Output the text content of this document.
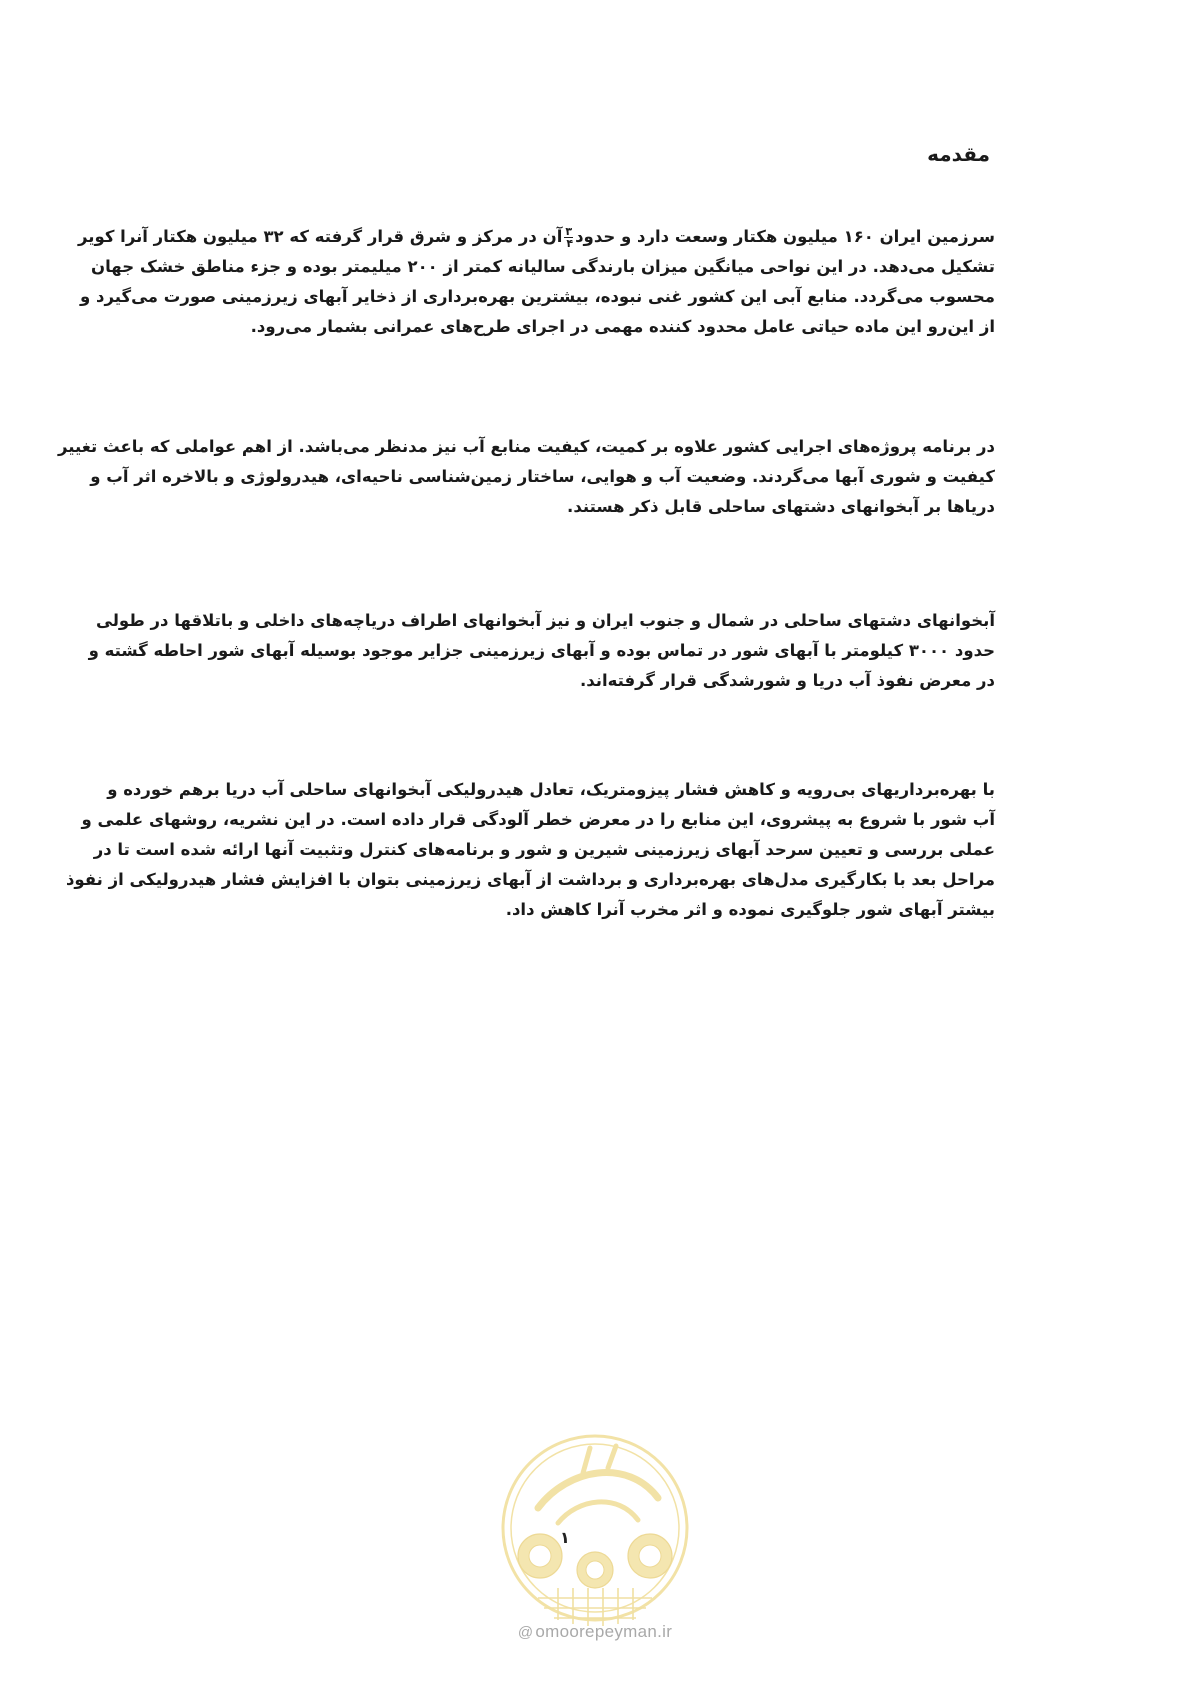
مقدمه
سرزمین ایران ۱۶۰ میلیون هکتار وسعت دارد و حدود
$\frac{۳}{۴}$
آن در مرکز و شرق قرار گرفته که ۳۲ میلیون هکتار آنرا کویر
تشکیل می‌دهد. در این نواحی میانگین میزان بارندگی سالیانه کمتر از ۲۰۰ میلیمتر بوده و جزء مناطق خشک جهان
محسوب می‌گردد. منابع آبی این کشور غنی نبوده، بیشترین بهره‌برداری از ذخایر آبهای زیرزمینی صورت می‌گیرد و
از این‌رو این ماده حیاتی عامل محدود کننده مهمی در اجرای طرح‌های عمرانی بشمار می‌رود.
در برنامه پروژه‌های اجرایی کشور علاوه بر کمیت، کیفیت منابع آب نیز مدنظر می‌باشد. از اهم عواملی که باعث تغییر
کیفیت و شوری آبها می‌گردند. وضعیت آب و هوایی، ساختار زمین‌شناسی ناحیه‌ای، هیدرولوژی و بالاخره اثر آب و
دریاها بر آبخوانهای دشتهای ساحلی قابل ذکر هستند.
آبخوانهای دشتهای ساحلی در شمال و جنوب ایران و نیز آبخوانهای اطراف دریاچه‌های داخلی و باتلاقها در طولی
حدود ۳۰۰۰ کیلومتر با آبهای شور در تماس بوده و آبهای زیرزمینی جزایر موجود بوسیله آبهای شور احاطه گشته و
در معرض نفوذ آب دریا و شورشدگی قرار گرفته‌اند.
با بهره‌برداریهای بی‌رویه و کاهش فشار پیزومتریک، تعادل هیدرولیکی آبخوانهای ساحلی آب دریا برهم خورده و
آب شور با شروع به پیشروی، این منابع را در معرض خطر آلودگی قرار داده است. در این نشریه، روشهای علمی و
عملی بررسی و تعیین سرحد آبهای زیرزمینی شیرین و شور و برنامه‌های کنترل وتثبیت آنها ارائه شده است تا در
مراحل بعد با بکارگیری مدل‌های بهره‌برداری و برداشت از آبهای زیرزمینی بتوان با افزایش فشار هیدرولیکی از نفوذ
بیشتر آبهای شور جلوگیری نموده و اثر مخرب آنرا کاهش داد.
۱
@ omoorepeyman.ir
